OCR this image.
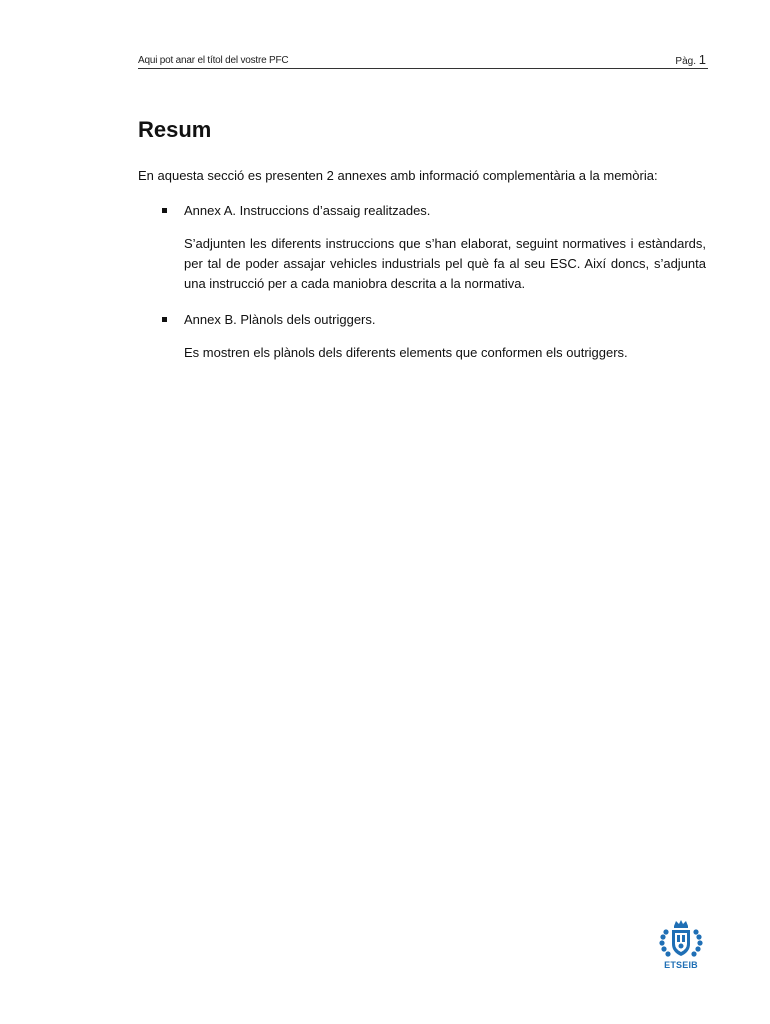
Aqui pot anar el títol del vostre PFC	Pàg. 1
Resum

En aquesta secció es presenten 2 annexes amb informació complementària a la memòria:

Annex A. Instruccions d’assaig realitzades.

S’adjunten les diferents instruccions que s’han elaborat, seguint normatives i estàndards, per tal de poder assajar vehicles industrials pel què fa al seu ESC. Així doncs, s’adjunta una instrucció per a cada maniobra descrita a la normativa.

Annex B. Plànols dels outriggers.

Es mostren els plànols dels diferents elements que conformen els outriggers.

ETSEIB
